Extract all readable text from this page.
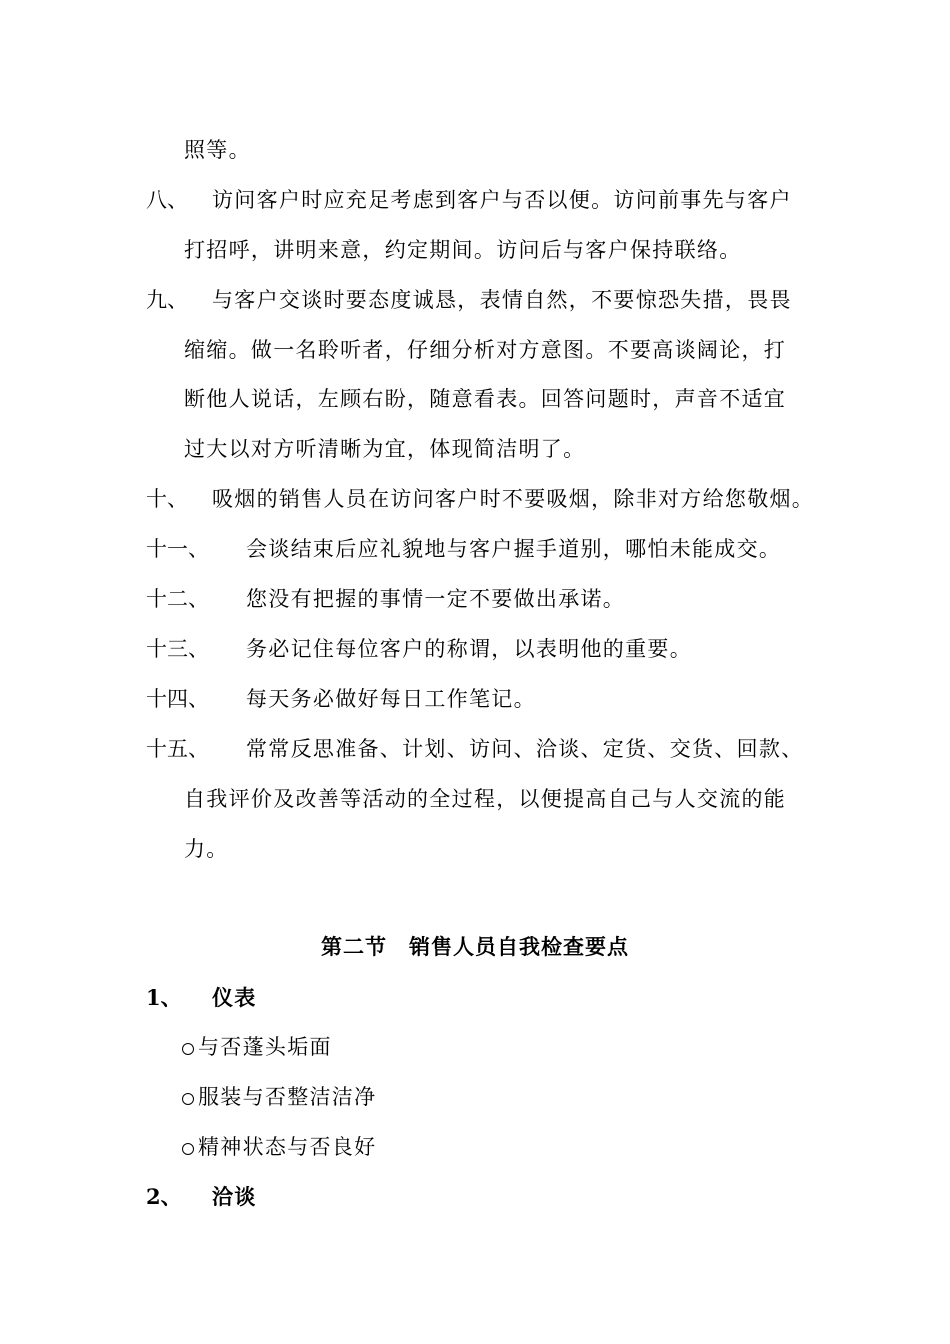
照等。
八、 访问客户时应充足考虑到客户与否以便。访问前事先与客户
打招呼，讲明来意，约定期间。访问后与客户保持联络。
九、 与客户交谈时要态度诚恳，表情自然，不要惊恐失措，畏畏
缩缩。做一名聆听者，仔细分析对方意图。不要高谈阔论，打
断他人说话，左顾右盼，随意看表。回答问题时，声音不适宜
过大以对方听清晰为宜，体现简洁明了。
十、 吸烟的销售人员在访问客户时不要吸烟，除非对方给您敬烟。
十一、 会谈结束后应礼貌地与客户握手道别，哪怕未能成交。
十二、 您没有把握的事情一定不要做出承诺。
十三、 务必记住每位客户的称谓，以表明他的重要。
十四、 每天务必做好每日工作笔记。
十五、 常常反思准备、计划、访问、洽谈、定货、交货、回款、
自我评价及改善等活动的全过程，以便提高自己与人交流的能
力。
第二节　销售人员自我检查要点
1、 仪表
与否蓬头垢面
服装与否整洁洁净
精神状态与否良好
2、 洽谈
